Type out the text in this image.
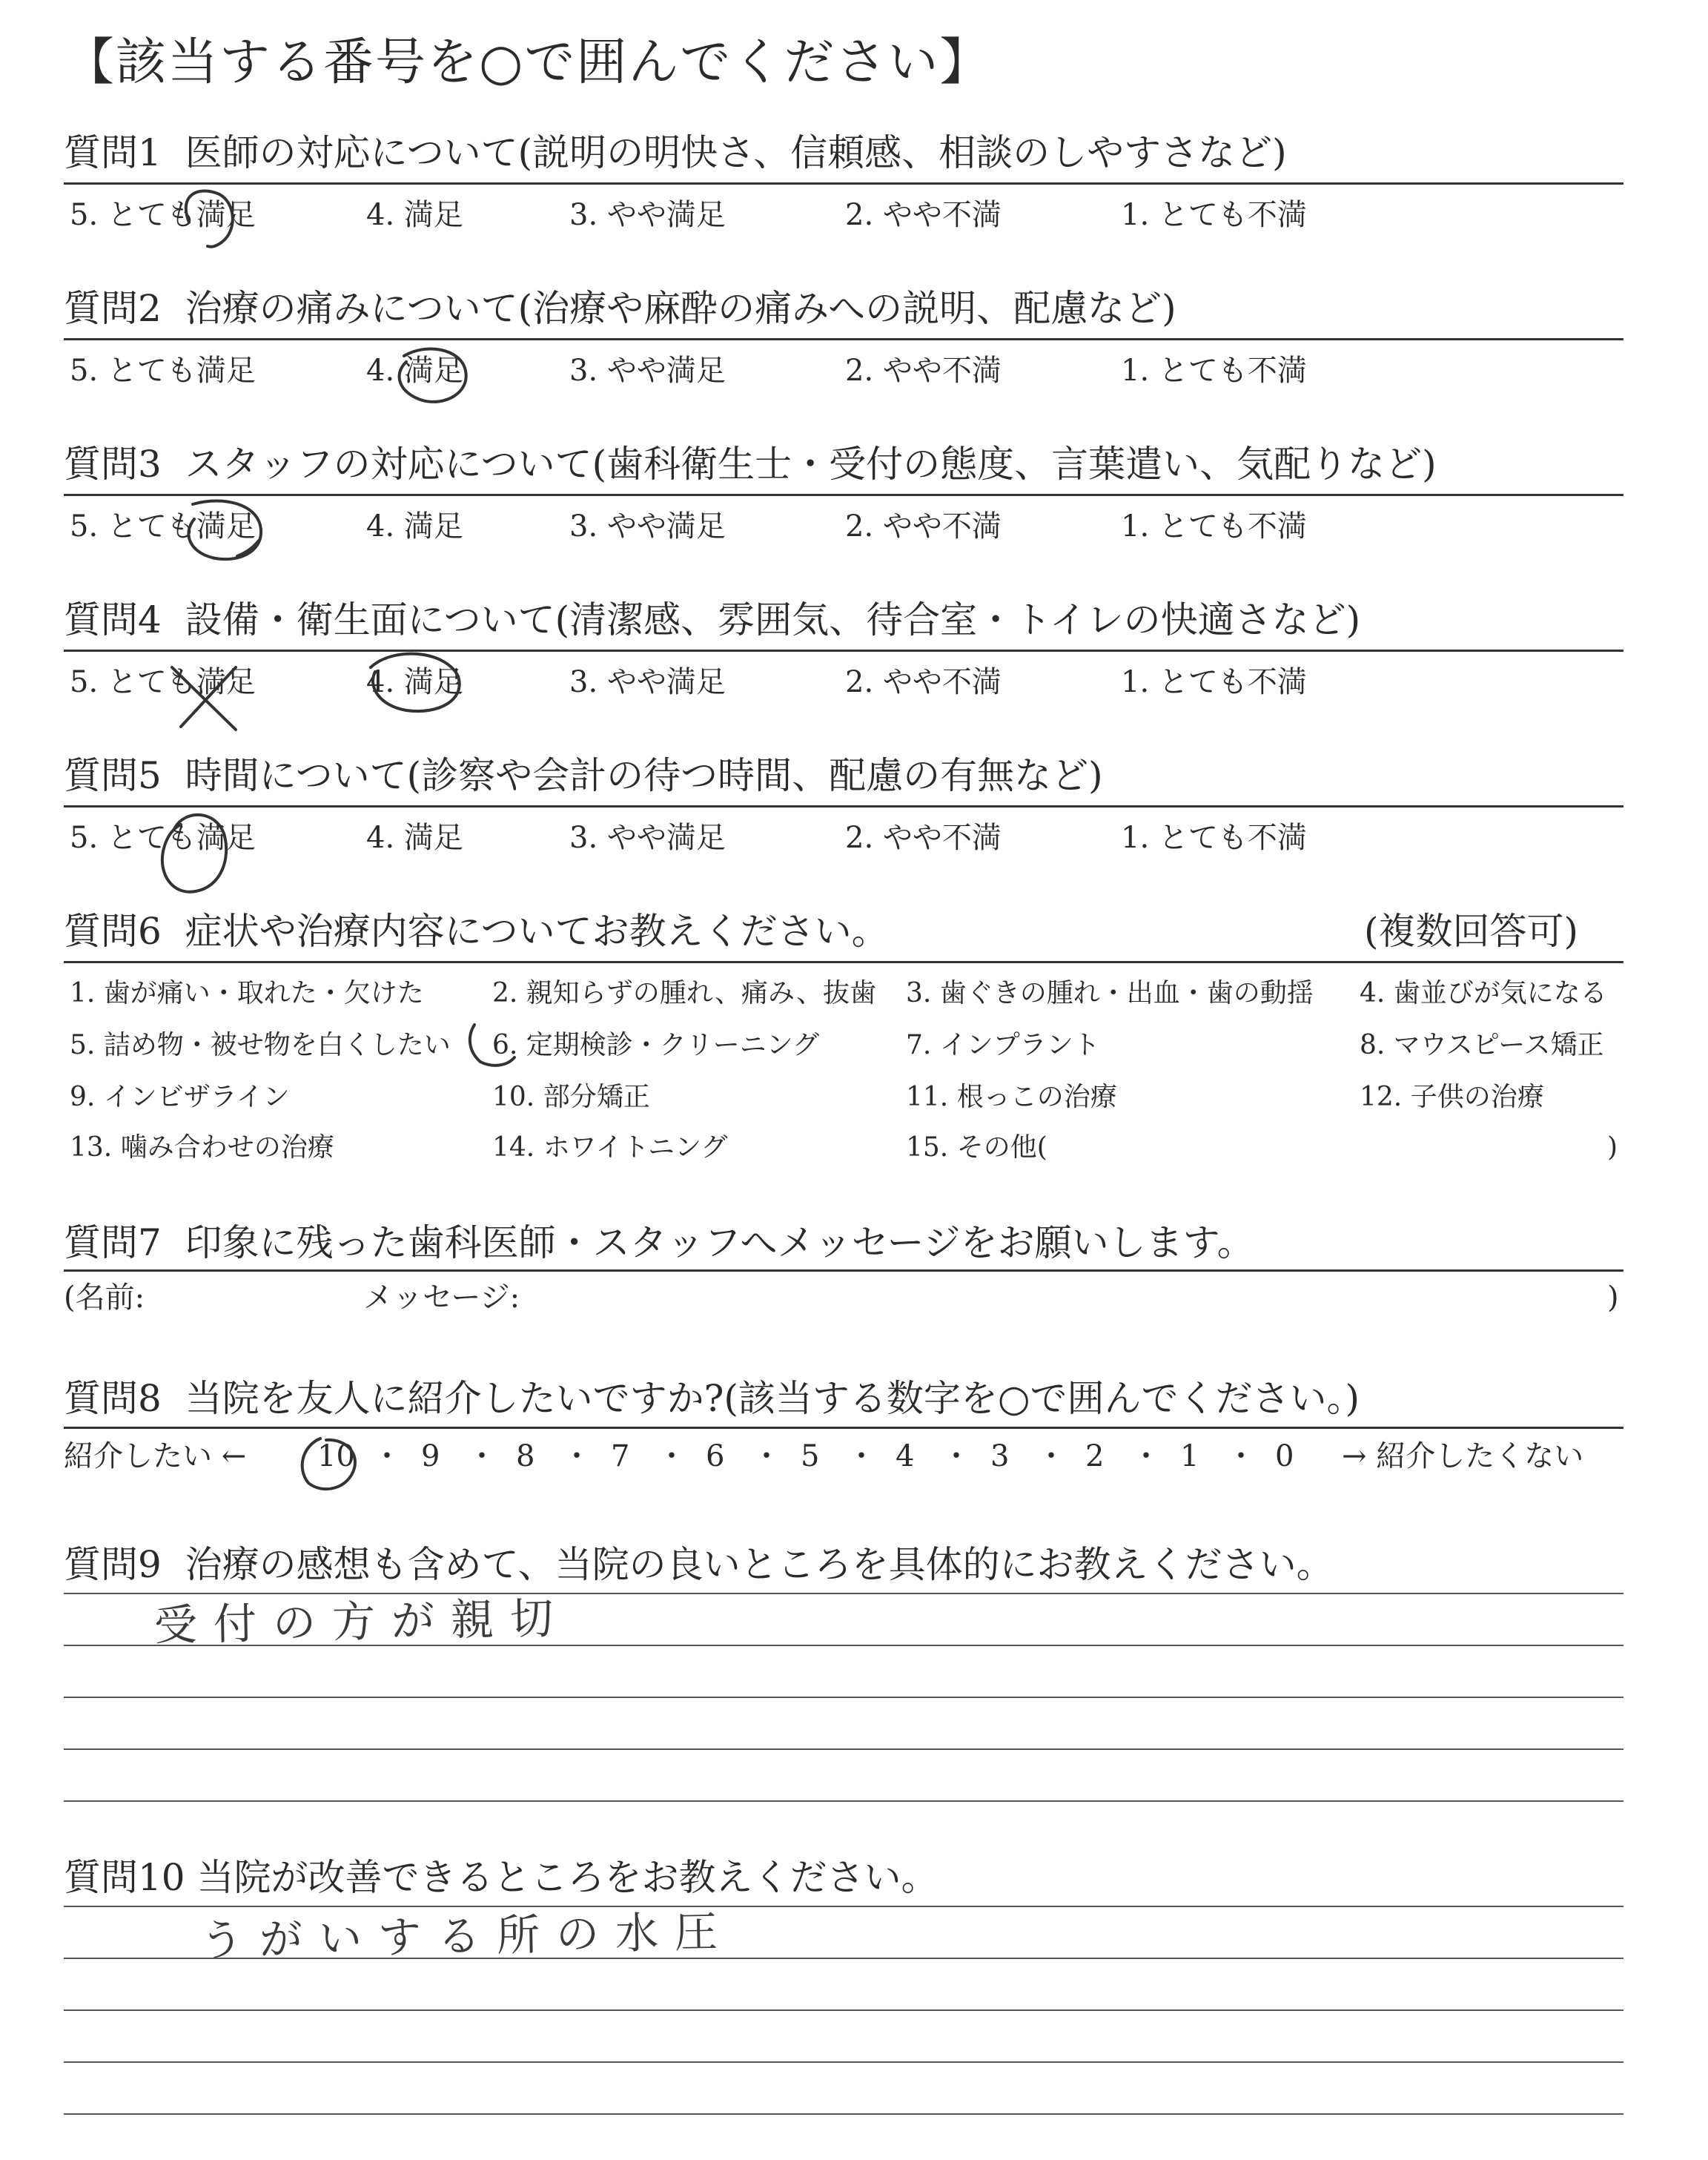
【該当する番号を○で囲んでください】
質問1 医師の対応について(説明の明快さ、信頼感、相談のしやすさなど)
5. とても満足	4. 満足	3. やや満足	2. やや不満	1. とても不満
質問2 治療の痛みについて(治療や麻酔の痛みへの説明、配慮など)
5. とても満足	4. 満足	3. やや満足	2. やや不満	1. とても不満
質問3 スタッフの対応について(歯科衛生士・受付の態度、言葉遣い、気配りなど)
5. とても満足	4. 満足	3. やや満足	2. やや不満	1. とても不満
質問4 設備・衛生面について(清潔感、雰囲気、待合室・トイレの快適さなど)
5. とても満足	4. 満足	3. やや満足	2. やや不満	1. とても不満
質問5 時間について(診察や会計の待つ時間、配慮の有無など)
5. とても満足	4. 満足	3. やや満足	2. やや不満	1. とても不満
質問6 症状や治療内容についてお教えください。	(複数回答可)
1. 歯が痛い・取れた・欠けた	2. 親知らずの腫れ、痛み、抜歯 3. 歯ぐきの腫れ・出血・歯の動揺 4. 歯並びが気になる
5. 詰め物・被せ物を白くしたい 6. 定期検診・クリーニング	7. インプラント	8. マウスピース矯正
9. インビザライン	10. 部分矯正	11. 根っこの治療	12. 子供の治療
13. 噛み合わせの治療	14. ホワイトニング	15. その他(	)
質問7 印象に残った歯科医師・スタッフへメッセージをお願いします。
(名前:	メッセージ:	)
質問8 当院を友人に紹介したいですか?(該当する数字を○で囲んでください。)
紹介したい ← 10 ・ 9 ・ 8 ・ 7 ・ 6 ・ 5 ・ 4 ・ 3 ・ 2 ・ 1 ・ 0 → 紹介したくない
質問9 治療の感想も含めて、当院の良いところを具体的にお教えください。
受付の方が親切
質問10 当院が改善できるところをお教えください。
うがいする所の水圧
